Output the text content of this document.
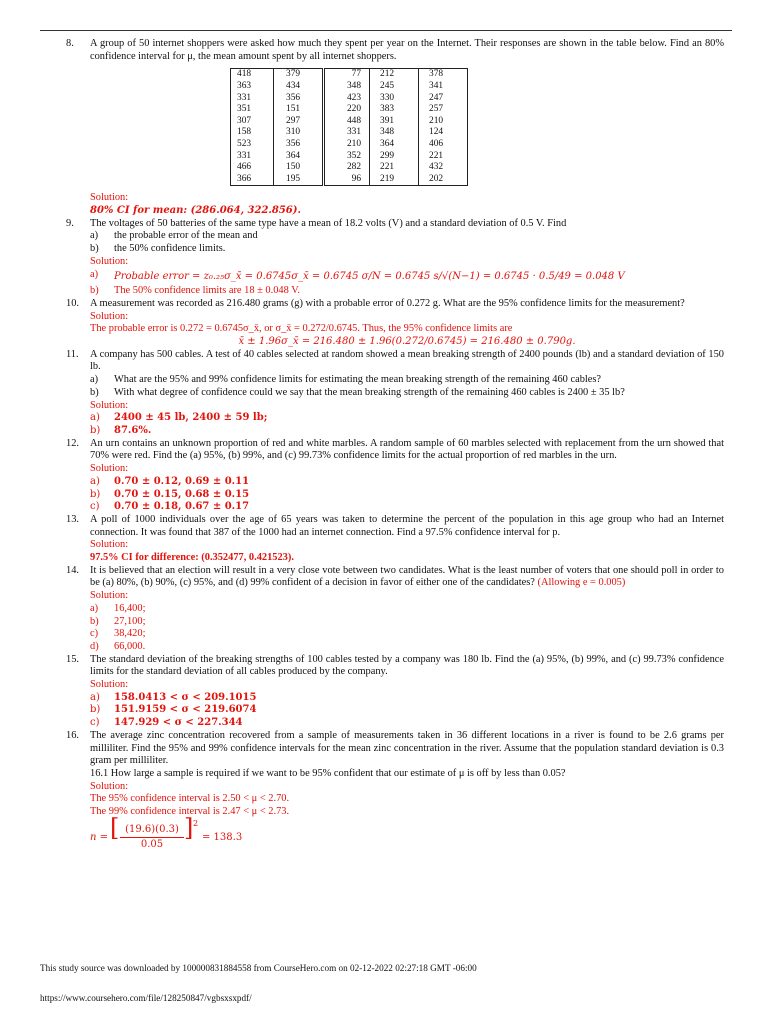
8. A group of 50 internet shoppers were asked how much they spent per year on the Internet. Their responses are shown in the table below. Find an 80% confidence interval for μ, the mean amount spent by all internet shoppers.
418	379	77	212	378
363	434	348	245	341
331	356	423	330	247
351	151	220	383	257
307	297	448	391	210
158	310	331	348	124
523	356	210	364	406
331	364	352	299	221
466	150	282	221	432
366	195	96	219	202
Solution:
80% CI for mean: (286.064, 322.856).
9. The voltages of 50 batteries of the same type have a mean of 18.2 volts (V) and a standard deviation of 0.5 V. Find
a) the probable error of the mean and
b) the 50% confidence limits.
Solution:
a) Probable error = z₀.₂₅σ_x̄ = 0.6745σ_x̄ = 0.6745 σ/N = 0.6745 s/√(N−1) = 0.6745 · 0.5/49 = 0.048 V
b) The 50% confidence limits are 18 ± 0.048 V.
10. A measurement was recorded as 216.480 grams (g) with a probable error of 0.272 g. What are the 95% confidence limits for the measurement?
Solution:
The probable error is 0.272 = 0.6745σ_x̄, or σ_x̄ = 0.272/0.6745. Thus, the 95% confidence limits are
x̄ ± 1.96σ_x̄ = 216.480 ± 1.96(0.272/0.6745) = 216.480 ± 0.790g.
11. A company has 500 cables. A test of 40 cables selected at random showed a mean breaking strength of 2400 pounds (lb) and a standard deviation of 150 lb.
a) What are the 95% and 99% confidence limits for estimating the mean breaking strength of the remaining 460 cables?
b) With what degree of confidence could we say that the mean breaking strength of the remaining 460 cables is 2400 ± 35 lb?
Solution:
a) 2400 ± 45 lb, 2400 ± 59 lb;
b) 87.6%.
12. An urn contains an unknown proportion of red and white marbles. A random sample of 60 marbles selected with replacement from the urn showed that 70% were red. Find the (a) 95%, (b) 99%, and (c) 99.73% confidence limits for the actual proportion of red marbles in the urn.
Solution:
a) 0.70 ± 0.12, 0.69 ± 0.11
b) 0.70 ± 0.15, 0.68 ± 0.15
c) 0.70 ± 0.18, 0.67 ± 0.17
13. A poll of 1000 individuals over the age of 65 years was taken to determine the percent of the population in this age group who had an Internet connection. It was found that 387 of the 1000 had an internet connection. Find a 97.5% confidence interval for p.
Solution:
97.5% CI for difference: (0.352477, 0.421523).
14. It is believed that an election will result in a very close vote between two candidates. What is the least number of voters that one should poll in order to be (a) 80%, (b) 90%, (c) 95%, and (d) 99% confident of a decision in favor of either one of the candidates? (Allowing e = 0.005)
Solution:
a) 16,400;
b) 27,100;
c) 38,420;
d) 66,000.
15. The standard deviation of the breaking strengths of 100 cables tested by a company was 180 lb. Find the (a) 95%, (b) 99%, and (c) 99.73% confidence limits for the standard deviation of all cables produced by the company.
Solution:
a) 158.0413 < σ < 209.1015
b) 151.9159 < σ < 219.6074
c) 147.929 < σ < 227.344
16. The average zinc concentration recovered from a sample of measurements taken in 36 different locations in a river is found to be 2.6 grams per milliliter. Find the 95% and 99% confidence intervals for the mean zinc concentration in the river. Assume that the population standard deviation is 0.3 gram per milliliter.
16.1 How large a sample is required if we want to be 95% confident that our estimate of μ is off by less than 0.05?
Solution:
The 95% confidence interval is 2.50 < μ < 2.70.
The 99% confidence interval is 2.47 < μ < 2.73.
n = [ (19.6)(0.3)
0.05
] 2
= 138.3
This study source was downloaded by 100000831884558 from CourseHero.com on 02-12-2022 02:27:18 GMT -06:00
https://www.coursehero.com/file/128250847/vgbsxsxpdf/
